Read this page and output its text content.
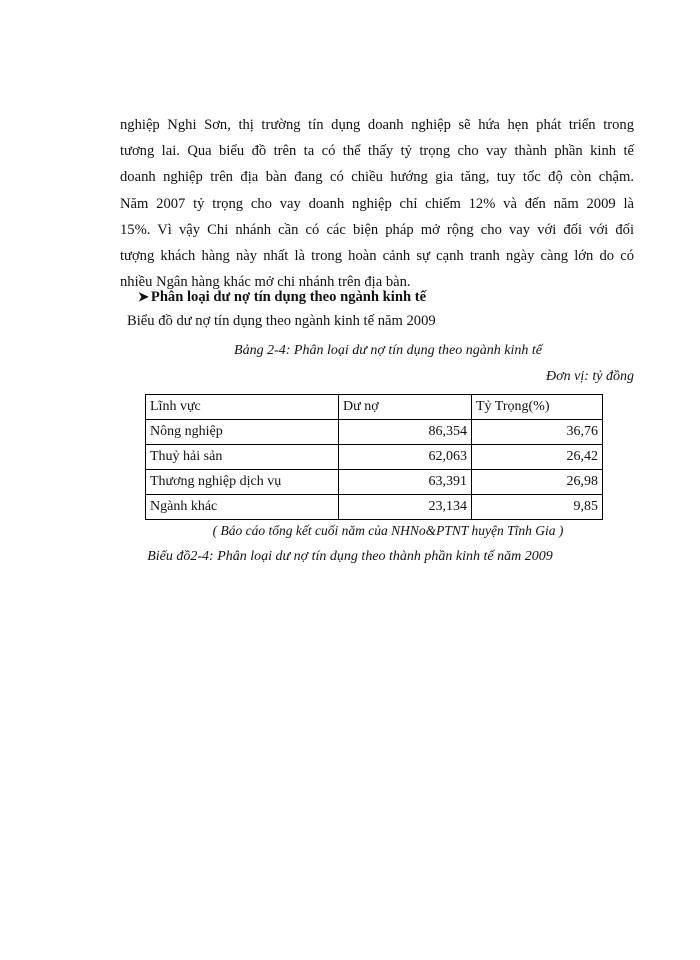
nghiệp Nghi Sơn, thị trường tín dụng doanh nghiệp sẽ hứa hẹn phát triển trong
tương lai. Qua biểu đồ trên ta có thể thấy tỷ trọng cho vay thành phần kinh tế
doanh nghiệp trên địa bàn đang có chiều hướng gia tăng, tuy tốc độ còn chậm.
Năm 2007 tỷ trọng cho vay doanh nghiệp chỉ chiếm 12% và đến năm 2009 là
15%. Vì vậy Chi nhánh cần có các biện pháp mở rộng cho vay với đối với đối
tượng khách hàng này nhất là trong hoàn cảnh sự cạnh tranh ngày càng lớn do có
nhiều Ngân hàng khác mở chi nhánh trên địa bàn.
➤ Phân loại dư nợ tín dụng theo ngành kinh tế
Biểu đồ dư nợ tín dụng theo ngành kinh tế năm 2009
Bảng 2-4: Phân loại dư nợ tín dụng theo ngành kinh tế
Đơn vị: tỷ đồng
Lĩnh vực	Dư nợ	Tỷ Trọng(%)
Nông nghiệp	86,354	36,76
Thuỷ hải sản	62,063	26,42
Thương nghiệp dịch vụ	63,391	26,98
Ngành khác	23,134	9,85
( Báo cáo tổng kết cuối năm của NHNo&PTNT huyện Tĩnh Gia )
Biểu đồ2-4: Phân loại dư nợ tín dụng theo thành phần kinh tế năm 2009
